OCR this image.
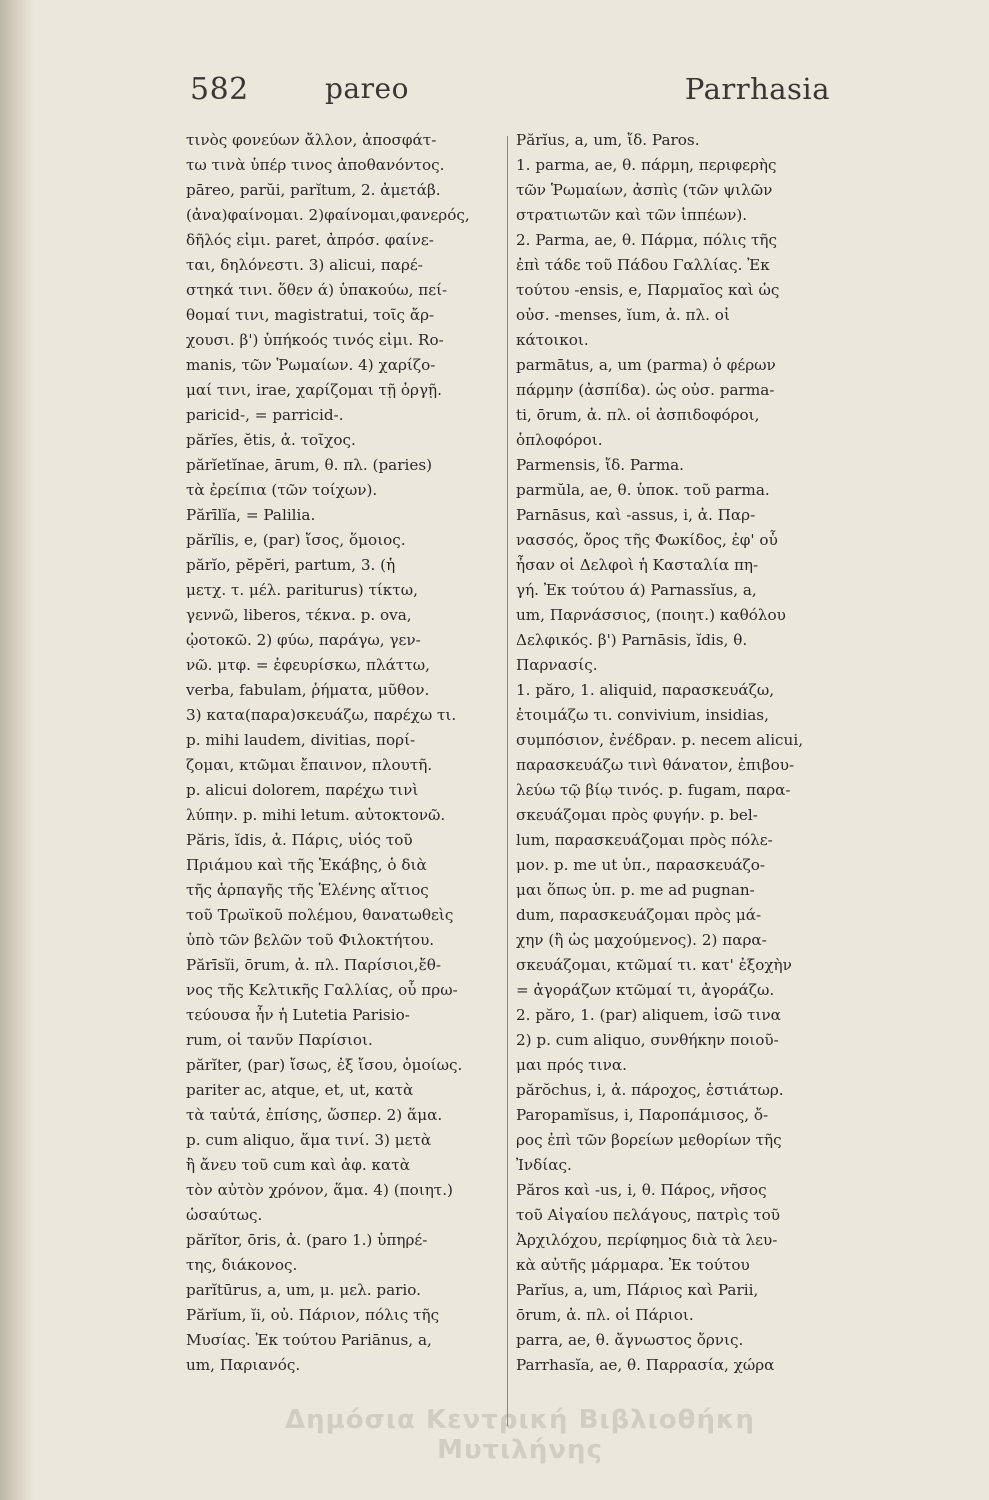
582	pareo	Parrhasia
τινὸς φονεύων ἄλλον, ἀποσφάτ-
τω τινὰ ὑπέρ τινος ἀποθανόντος.
pāreo, parŭi, parĭtum, 2. ἀμετάβ.
(ἀνα)φαίνομαι. 2)φαίνομαι,φανερός,
δῆλός εἰμι. paret, ἀπρόσ. φαίνε-
ται, δηλόνεστι. 3) alicui, παρέ-
στηκά τινι. ὅθεν ά) ὑπακούω, πεί-
θομαί τινι, magistratui, τοῖς ἄρ-
χουσι. β') ὑπήκοός τινός εἰμι. Ro-
manis, τῶν Ῥωμαίων. 4) χαρίζο-
μαί τινι, irae, χαρίζομαι τῇ ὀργῇ.
paricid-, = parricid-.
părĭes, ĕtis, ἀ. τοῖχος.
părĭetĭnae, ārum, θ. πλ. (paries)
τὰ ἐρείπια (τῶν τοίχων).
Părīlĭa, = Palilia.
părĭlis, e, (par) ἴσος, ὅμοιος.
părĭo, pĕpĕri, partum, 3. (ἡ
μετχ. τ. μέλ. pariturus) τίκτω,
γεννῶ, liberos, τέκνα. p. ova,
ᾠοτοκῶ. 2) φύω, παράγω, γεν-
νῶ. μτφ. = ἐφευρίσκω, πλάττω,
verba, fabulam, ῥήματα, μῦθον.
3) κατα(παρα)σκευάζω, παρέχω τι.
p. mihi laudem, divitias, πορί-
ζομαι, κτῶμαι ἔπαινον, πλουτῆ.
p. alicui dolorem, παρέχω τινὶ
λύπην. p. mihi letum. αὐτοκτονῶ.
Păris, ĭdis, ἀ. Πάρις, υἱός τοῦ
Πριάμου καὶ τῆς Ἑκάβης, ὁ διὰ
τῆς ἁρπαγῆς τῆς Ἑλένης αἴτιος
τοῦ Τρωϊκοῦ πολέμου, θανατωθεὶς
ὑπὸ τῶν βελῶν τοῦ Φιλοκτήτου.
Părīsĭi, ōrum, ἀ. πλ. Παρίσιοι,ἔθ-
νος τῆς Κελτικῆς Γαλλίας, οὗ πρω-
τεύουσα ἦν ἡ Lutetia Parisio-
rum, οἱ τανῦν Παρίσιοι.
părĭter, (par) ἴσως, ἐξ ἴσου, ὁμοίως.
pariter ac, atque, et, ut, κατὰ
τὰ ταὐτά, ἐπίσης, ὥσπερ. 2) ἅμα.
p. cum aliquo, ἅμα τινί. 3) μετὰ
ἢ ἄνευ τοῦ cum καὶ ἀφ. κατὰ
τὸν αὐτὸν χρόνον, ἅμα. 4) (ποιητ.)
ὡσαύτως.
părĭtor, ōris, ἀ. (paro 1.) ὑπηρέ-
της, διάκονος.
parĭtūrus, a, um, μ. μελ. pario.
Părĭum, ĭi, οὐ. Πάριον, πόλις τῆς
Μυσίας. Ἐκ τούτου Pariānus, a,
um, Παριανός.
Părĭus, a, um, ἴδ. Paros.
1. parma, ae, θ. πάρμη, περιφερὴς
τῶν Ῥωμαίων, ἀσπὶς (τῶν ψιλῶν
στρατιωτῶν καὶ τῶν ἱππέων).
2. Parma, ae, θ. Πάρμα, πόλις τῆς
ἐπὶ τάδε τοῦ Πάδου Γαλλίας. Ἐκ
τούτου -ensis, e, Παρμαῖος καὶ ὡς
οὐσ. -menses, ĭum, ἀ. πλ. οἱ
κάτοικοι.
parmātus, a, um (parma) ὁ φέρων
πάρμην (ἀσπίδα). ὡς οὐσ. parma-
ti, ōrum, ἀ. πλ. οἱ ἀσπιδοφόροι,
ὁπλοφόροι.
Parmensis, ἴδ. Parma.
parmŭla, ae, θ. ὑποκ. τοῦ parma.
Parnāsus, καὶ -assus, i, ἀ. Παρ-
νασσός, ὄρος τῆς Φωκίδος, ἐφ' οὗ
ἦσαν οἱ Δελφοὶ ἡ Κασταλία πη-
γή. Ἐκ τούτου ά) Parnassĭus, a,
um, Παρνάσσιος, (ποιητ.) καθόλου
Δελφικός. β') Parnāsis, ĭdis, θ.
Παρνασίς.
1. păro, 1. aliquid, παρασκευάζω,
ἑτοιμάζω τι. convivium, insidias,
συμπόσιον, ἐνέδραν. p. necem alicui,
παρασκευάζω τινὶ θάνατον, ἐπιβου-
λεύω τῷ βίῳ τινός. p. fugam, παρα-
σκευάζομαι πρὸς φυγήν. p. bel-
lum, παρασκευάζομαι πρὸς πόλε-
μον. p. me ut ὑπ., παρασκευάζο-
μαι ὅπως ὑπ. p. me ad pugnan-
dum, παρασκευάζομαι πρὸς μά-
χην (ἢ ὡς μαχούμενος). 2) παρα-
σκευάζομαι, κτῶμαί τι. κατ' ἐξοχὴν
= ἀγοράζων κτῶμαί τι, ἀγοράζω.
2. păro, 1. (par) aliquem, ἰσῶ τινα
2) p. cum aliquo, συνθήκην ποιοῦ-
μαι πρός τινα.
părŏchus, i, ἀ. πάροχος, ἑστιάτωρ.
Paropamĭsus, i, Παροπάμισος, ὄ-
ρος ἐπὶ τῶν βορείων μεθορίων τῆς
Ἰνδίας.
Păros καὶ -us, i, θ. Πάρος, νῆσος
τοῦ Αἰγαίου πελάγους, πατρὶς τοῦ
Ἀρχιλόχου, περίφημος διὰ τὰ λευ-
κὰ αὐτῆς μάρμαρα. Ἐκ τούτου
Parĭus, a, um, Πάριος καὶ Parii,
ōrum, ἀ. πλ. οἱ Πάριοι.
parra, ae, θ. ἄγνωστος ὄρνις.
Parrhasĭa, ae, θ. Παρρασία, χώρα
Δημόσια Κεντρική Βιβλιοθήκη Μυτιλήνης
